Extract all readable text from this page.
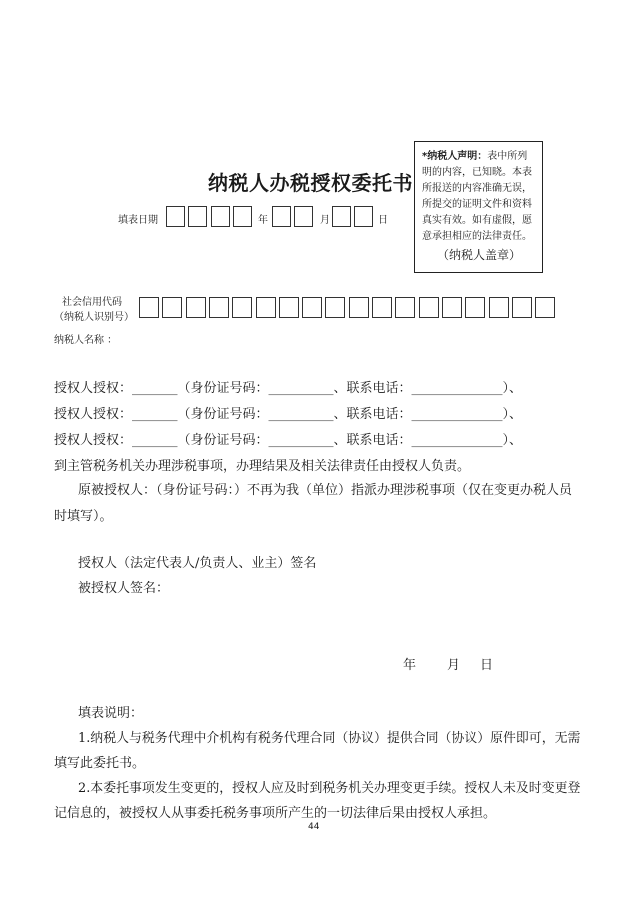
*纳税人声明：表中所列
明的内容，已知晓。本表
所报送的内容准确无误，
所提交的证明文件和资料
真实有效。如有虚假，愿
意承担相应的法律责任。
（纳税人盖章）
纳税人办税授权委托书
填表日期	年	月	日
社会信用代码
（纳税人识别号）
纳税人名称 ：
授权人授权：_______（身份证号码：__________、联系电话：______________）、
授权人授权：_______（身份证号码：__________、联系电话：______________）、
授权人授权：_______（身份证号码：__________、联系电话：______________）、
到主管税务机关办理涉税事项，办理结果及相关法律责任由授权人负责。
原被授权人：（身份证号码：）不再为我（单位）指派办理涉税事项（仅在变更办税人员
时填写）。
授权人（法定代表人/负责人、业主）签名
被授权人签名：
年 月 日
填表说明：
1.纳税人与税务代理中介机构有税务代理合同（协议）提供合同（协议）原件即可，无需
填写此委托书。
2.本委托事项发生变更的，授权人应及时到税务机关办理变更手续。授权人未及时变更登
记信息的，被授权人从事委托税务事项所产生的一切法律后果由授权人承担。
44
